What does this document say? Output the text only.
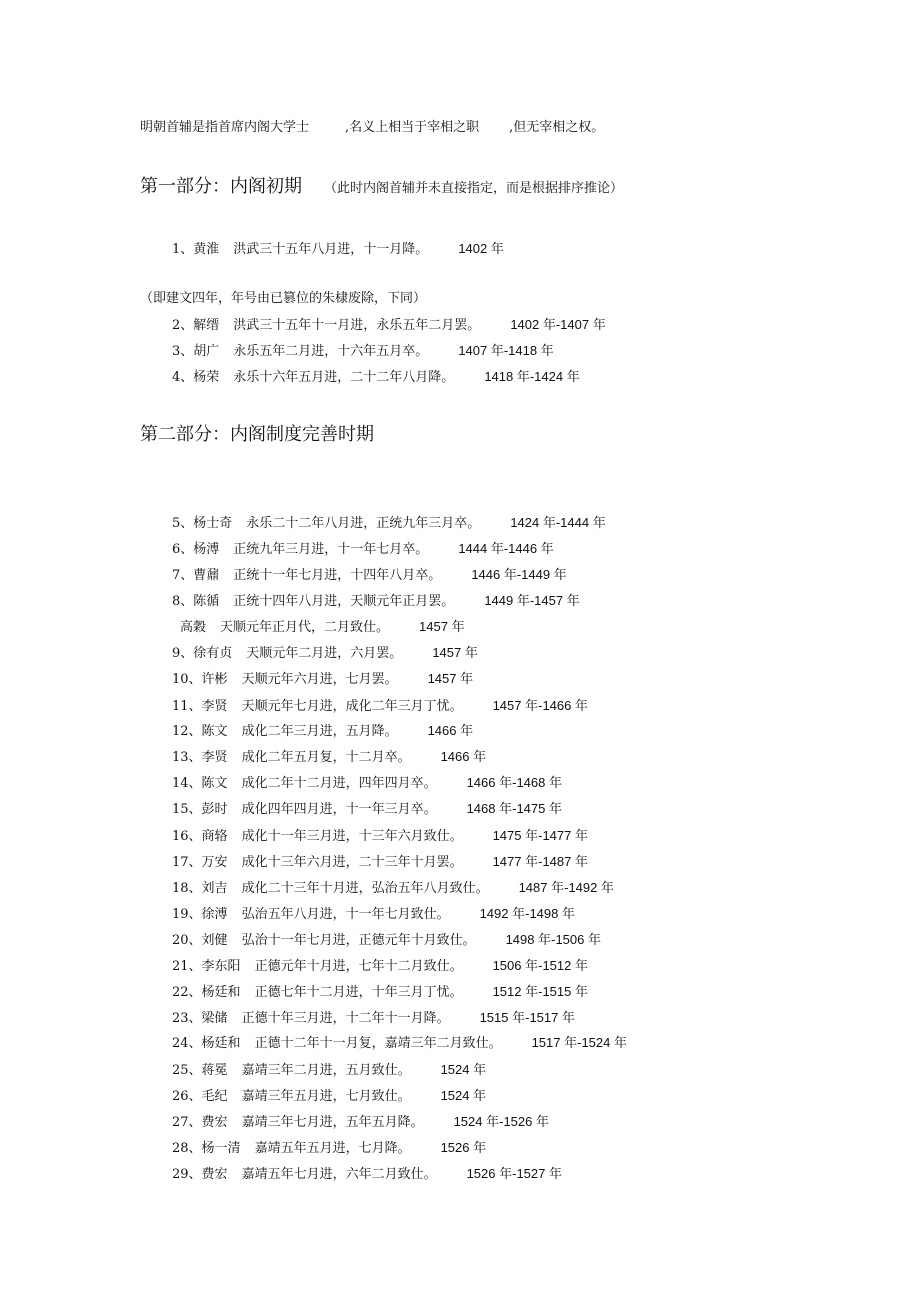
明朝首辅是指首席内阁大学士	,名义上相当于宰相之职 ,但无宰相之权。
第一部分：内阁初期 （此时内阁首辅并未直接指定，而是根据排序推论）
1、黄淮 洪武三十五年八月进，十一月降。 1402 年
（即建文四年，年号由已篡位的朱棣废除，下同）
2、解缙 洪武三十五年十一月进，永乐五年二月罢。 1402 年-1407 年
3、胡广 永乐五年二月进，十六年五月卒。 1407 年-1418 年
4、杨荣 永乐十六年五月进，二十二年八月降。 1418 年-1424 年
第二部分：内阁制度完善时期
5、杨士奇 永乐二十二年八月进，正统九年三月卒。 1424 年-1444 年
6、杨溥 正统九年三月进，十一年七月卒。 1444 年-1446 年
7、曹鼐 正统十一年七月进，十四年八月卒。 1446 年-1449 年
8、陈循 正统十四年八月进，天顺元年正月罢。 1449 年-1457 年
高穀 天顺元年正月代，二月致仕。 1457 年
9、徐有贞 天顺元年二月进，六月罢。 1457 年
10、许彬 天顺元年六月进，七月罢。 1457 年
11、李贤 天顺元年七月进，成化二年三月丁忧。 1457 年-1466 年
12、陈文 成化二年三月进，五月降。 1466 年
13、李贤 成化二年五月复，十二月卒。 1466 年
14、陈文 成化二年十二月进，四年四月卒。 1466 年-1468 年
15、彭时 成化四年四月进，十一年三月卒。 1468 年-1475 年
16、商辂 成化十一年三月进，十三年六月致仕。 1475 年-1477 年
17、万安 成化十三年六月进，二十三年十月罢。 1477 年-1487 年
18、刘吉 成化二十三年十月进，弘治五年八月致仕。 1487 年-1492 年
19、徐溥 弘治五年八月进，十一年七月致仕。 1492 年-1498 年
20、刘健 弘治十一年七月进，正德元年十月致仕。 1498 年-1506 年
21、李东阳 正德元年十月进，七年十二月致仕。 1506 年-1512 年
22、杨廷和 正德七年十二月进，十年三月丁忧。 1512 年-1515 年
23、梁储 正德十年三月进，十二年十一月降。 1515 年-1517 年
24、杨廷和 正德十二年十一月复，嘉靖三年二月致仕。 1517 年-1524 年
25、蒋冕 嘉靖三年二月进，五月致仕。 1524 年
26、毛纪 嘉靖三年五月进，七月致仕。 1524 年
27、费宏 嘉靖三年七月进，五年五月降。 1524 年-1526 年
28、杨一清 嘉靖五年五月进，七月降。 1526 年
29、费宏 嘉靖五年七月进，六年二月致仕。 1526 年-1527 年
